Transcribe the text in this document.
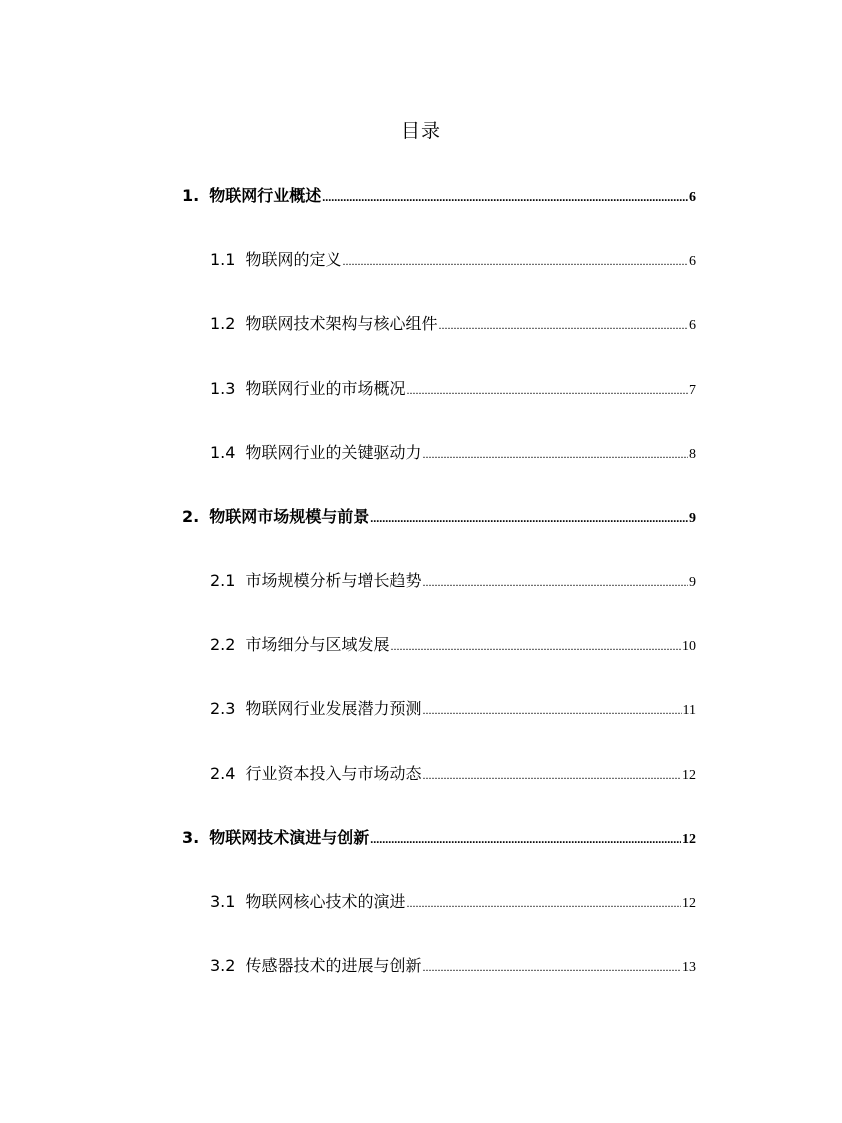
目录
1. 物联网行业概述 .....	6
1.1 物联网的定义 .....	6
1.2 物联网技术架构与核心组件 .....	6
1.3 物联网行业的市场概况 .....	7
1.4 物联网行业的关键驱动力 .....	8
2. 物联网市场规模与前景 .....	9
2.1 市场规模分析与增长趋势 .....	9
2.2 市场细分与区域发展 .....	10
2.3 物联网行业发展潜力预测 .....	11
2.4 行业资本投入与市场动态 .....	12
3. 物联网技术演进与创新 .....	12
3.1 物联网核心技术的演进 .....	12
3.2 传感器技术的进展与创新 .....	13
